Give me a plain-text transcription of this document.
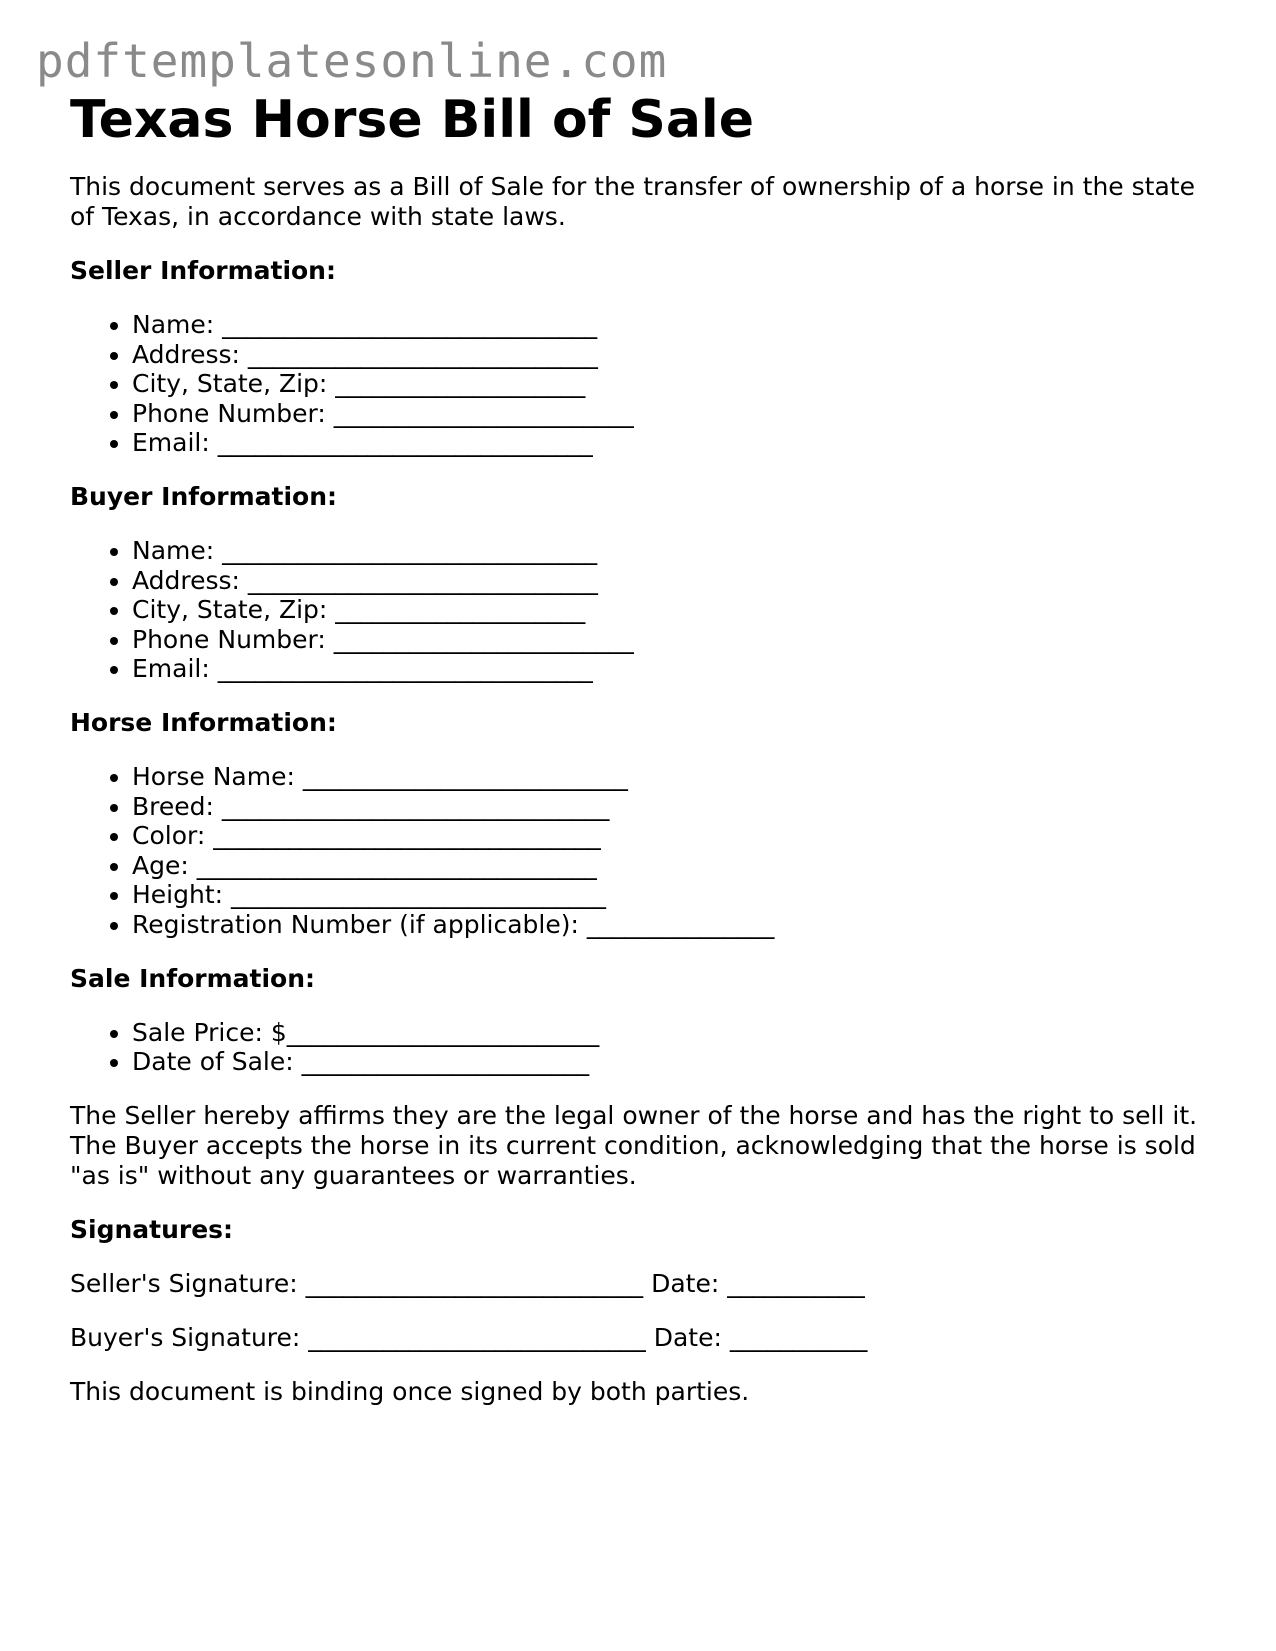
pdftemplatesonline.com
Texas Horse Bill of Sale

This document serves as a Bill of Sale for the transfer of ownership of a horse in the state
of Texas, in accordance with state laws.

Seller Information:
• Name: ______________________________
• Address: ____________________________
• City, State, Zip: ____________________
• Phone Number: ________________________
• Email: ______________________________
Buyer Information:
• Name: ______________________________
• Address: ____________________________
• City, State, Zip: ____________________
• Phone Number: ________________________
• Email: ______________________________
Horse Information:
• Horse Name: __________________________
• Breed: _______________________________
• Color: _______________________________
• Age: ________________________________
• Height: ______________________________
• Registration Number (if applicable): _______________
Sale Information:
• Sale Price: $_________________________
• Date of Sale: _______________________

The Seller hereby affirms they are the legal owner of the horse and has the right to sell it.
The Buyer accepts the horse in its current condition, acknowledging that the horse is sold
"as is" without any guarantees or warranties.

Signatures:

Seller's Signature: ___________________________ Date: ___________

Buyer's Signature: ___________________________ Date: ___________

This document is binding once signed by both parties.
